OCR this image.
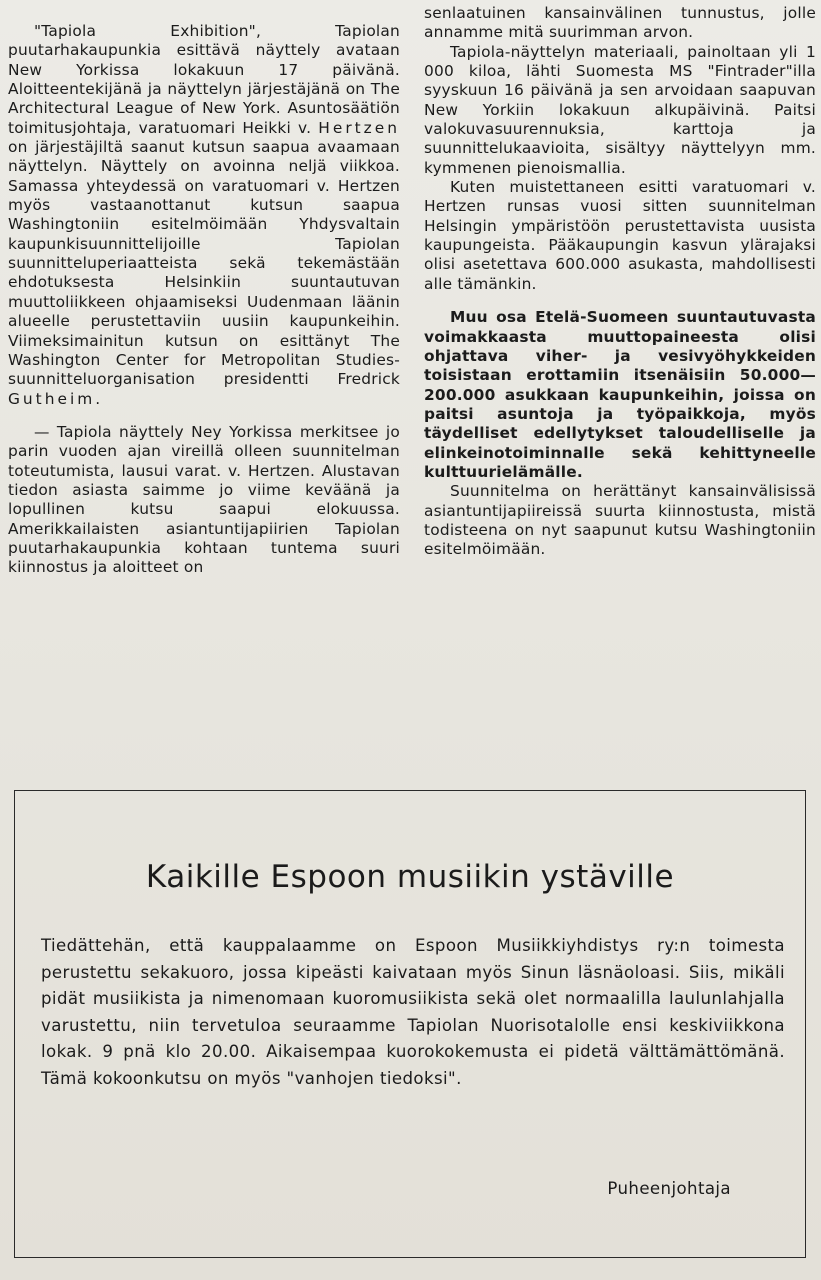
"Tapiola Exhibition", Tapiolan puutarhakaupunkia esittävä näyttely avataan New Yorkissa lokakuun 17 päivänä. Aloitteentekijänä ja näyttelyn järjestäjänä on The Architectural League of New York. Asuntosäätiön toimitusjohtaja, varatuomari Heikki v. Hertzen on järjestäjiltä saanut kutsun saapua avaamaan näyttelyn. Näyttely on avoinna neljä viikkoa. Samassa yhteydessä on varatuomari v. Hertzen myös vastaanottanut kutsun saapua Washingtoniin esitelmöimään Yhdysvaltain kaupunkisuunnittelijoille Tapiolan suunnitteluperiaatteista sekä tekemästään ehdotuksesta Helsinkiin suuntautuvan muuttoliikkeen ohjaamiseksi Uudenmaan läänin alueelle perustettaviin uusiin kaupunkeihin. Viimeksimainitun kutsun on esittänyt The Washington Center for Metropolitan Studies-suunnitteluorganisation presidentti Fredrick Gutheim.

— Tapiola näyttely Ney Yorkissa merkitsee jo parin vuoden ajan vireillä olleen suunnitelman toteutumista, lausui varat. v. Hertzen. Alustavan tiedon asiasta saimme jo viime keväänä ja lopullinen kutsu saapui elokuussa. Amerikkailaisten asiantuntijapiirien Tapiolan puutarhakaupunkia kohtaan tuntema suuri kiinnostus ja aloitteet on

senlaatuinen kansainvälinen tunnustus, jolle annamme mitä suurimman arvon.

Tapiola-näyttelyn materiaali, painoltaan yli 1 000 kiloa, lähti Suomesta MS "Fintrader"illa syyskuun 16 päivänä ja sen arvoidaan saapuvan New Yorkiin lokakuun alkupäivinä. Paitsi valokuvasuurennuksia, karttoja ja suunnittelukaavioita, sisältyy näyttelyyn mm. kymmenen pienoismallia.

Kuten muistettaneen esitti varatuomari v. Hertzen runsas vuosi sitten suunnitelman Helsingin ympäristöön perustettavista uusista kaupungeista. Pääkaupungin kasvun ylärajaksi olisi asetettava 600.000 asukasta, mahdollisesti alle tämänkin.

Muu osa Etelä-Suomeen suuntautuvasta voimakkaasta muuttopaineesta olisi ohjattava viher- ja vesivyöhykkeiden toisistaan erottamiin itsenäisiin 50.000—200.000 asukkaan kaupunkeihin, joissa on paitsi asuntoja ja työpaikkoja, myös täydelliset edellytykset taloudelliselle ja elinkeinotoiminnalle sekä kehittyneelle kulttuurielämälle.

Suunnitelma on herättänyt kansainvälisissä asiantuntijapiireissä suurta kiinnostusta, mistä todisteena on nyt saapunut kutsu Washingtoniin esitelmöimään.

Kaikille Espoon musiikin ystäville

Tiedättehän, että kauppalaamme on Espoon Musiikkiyhdistys ry:n toimesta perustettu sekakuoro, jossa kipeästi kaivataan myös Sinun läsnäoloasi. Siis, mikäli pidät musiikista ja nimenomaan kuoromusiikista sekä olet normaalilla laulunlahjalla varustettu, niin tervetuloa seuraamme Tapiolan Nuorisotalolle ensi keskiviikkona lokak. 9 pnä klo 20.00. Aikaisempaa kuorokokemusta ei pidetä välttämättömänä. Tämä kokoonkutsu on myös "vanhojen tiedoksi".

Puheenjohtaja
